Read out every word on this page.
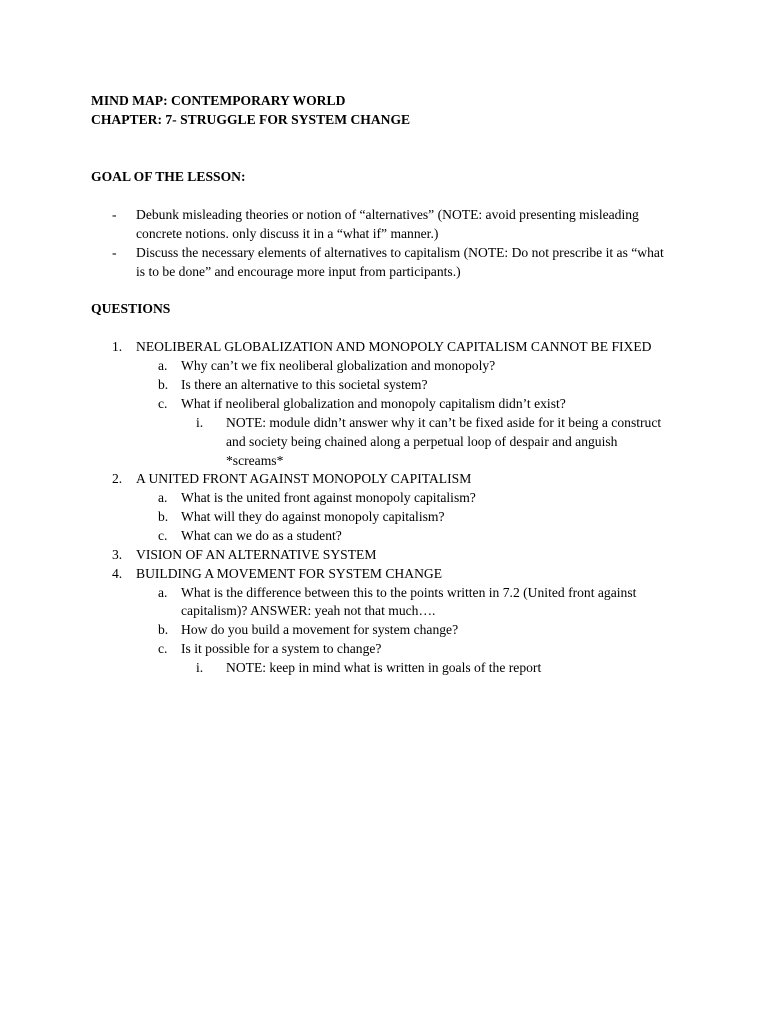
MIND MAP: CONTEMPORARY WORLD
CHAPTER: 7- STRUGGLE FOR SYSTEM CHANGE
GOAL OF THE LESSON:
- Debunk misleading theories or notion of “alternatives” (NOTE: avoid presenting misleading
concrete notions. only discuss it in a “what if” manner.)
- Discuss the necessary elements of alternatives to capitalism (NOTE: Do not prescribe it as “what
is to be done” and encourage more input from participants.)
QUESTIONS
1. NEOLIBERAL GLOBALIZATION AND MONOPOLY CAPITALISM CANNOT BE FIXED
a. Why can’t we fix neoliberal globalization and monopoly?
b. Is there an alternative to this societal system?
c. What if neoliberal globalization and monopoly capitalism didn’t exist?
i. NOTE: module didn’t answer why it can’t be fixed aside for it being a construct
and society being chained along a perpetual loop of despair and anguish
*screams*
2. A UNITED FRONT AGAINST MONOPOLY CAPITALISM
a. What is the united front against monopoly capitalism?
b. What will they do against monopoly capitalism?
c. What can we do as a student?
3. VISION OF AN ALTERNATIVE SYSTEM
4. BUILDING A MOVEMENT FOR SYSTEM CHANGE
a. What is the difference between this to the points written in 7.2 (United front against
capitalism)? ANSWER: yeah not that much….
b. How do you build a movement for system change?
c. Is it possible for a system to change?
i. NOTE: keep in mind what is written in goals of the report
